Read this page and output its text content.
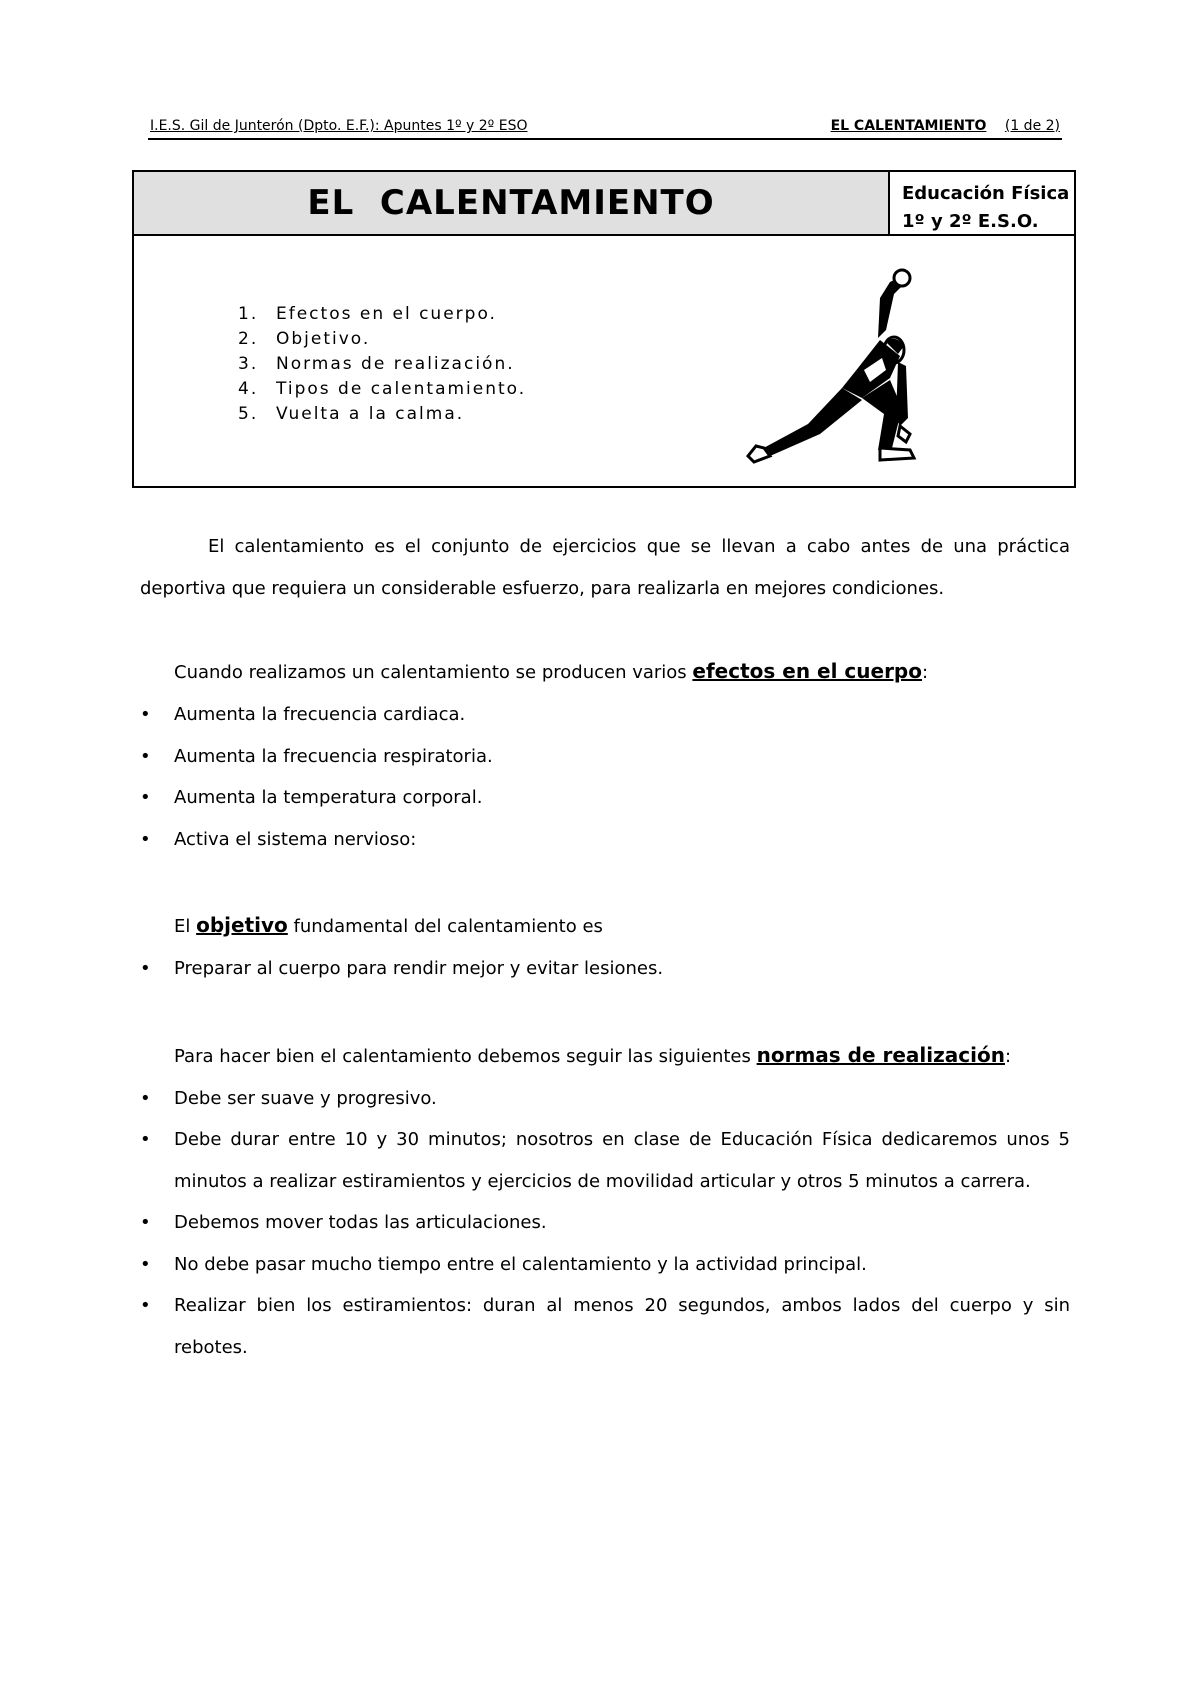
I.E.S. Gil de Junterón (Dpto. E.F.): Apuntes 1º y 2º ESO	EL CALENTAMIENTO (1 de 2)
EL  CALENTAMIENTO	Educación Física
1º y 2º E.S.O.
1. Efectos en el cuerpo.
2. Objetivo.
3. Normas de realización.
4. Tipos de calentamiento.
5. Vuelta a la calma.

El calentamiento es el conjunto de ejercicios que se llevan a cabo antes de una práctica deportiva que requiera un considerable esfuerzo, para realizarla en mejores condiciones.

Cuando realizamos un calentamiento se producen varios efectos en el cuerpo:

• Aumenta la frecuencia cardiaca.
• Aumenta la frecuencia respiratoria.
• Aumenta la temperatura corporal.
• Activa el sistema nervioso:

El objetivo fundamental del calentamiento es

• Preparar al cuerpo para rendir mejor y evitar lesiones.

Para hacer bien el calentamiento debemos seguir las siguientes normas de realización:

• Debe ser suave y progresivo.
• Debe durar entre 10 y 30 minutos; nosotros en clase de Educación Física dedicaremos unos 5 minutos a realizar estiramientos y ejercicios de movilidad articular y otros 5 minutos a carrera.
• Debemos mover todas las articulaciones.
• No debe pasar mucho tiempo entre el calentamiento y la actividad principal.
• Realizar bien los estiramientos: duran al menos 20 segundos, ambos lados del cuerpo y sin rebotes.
